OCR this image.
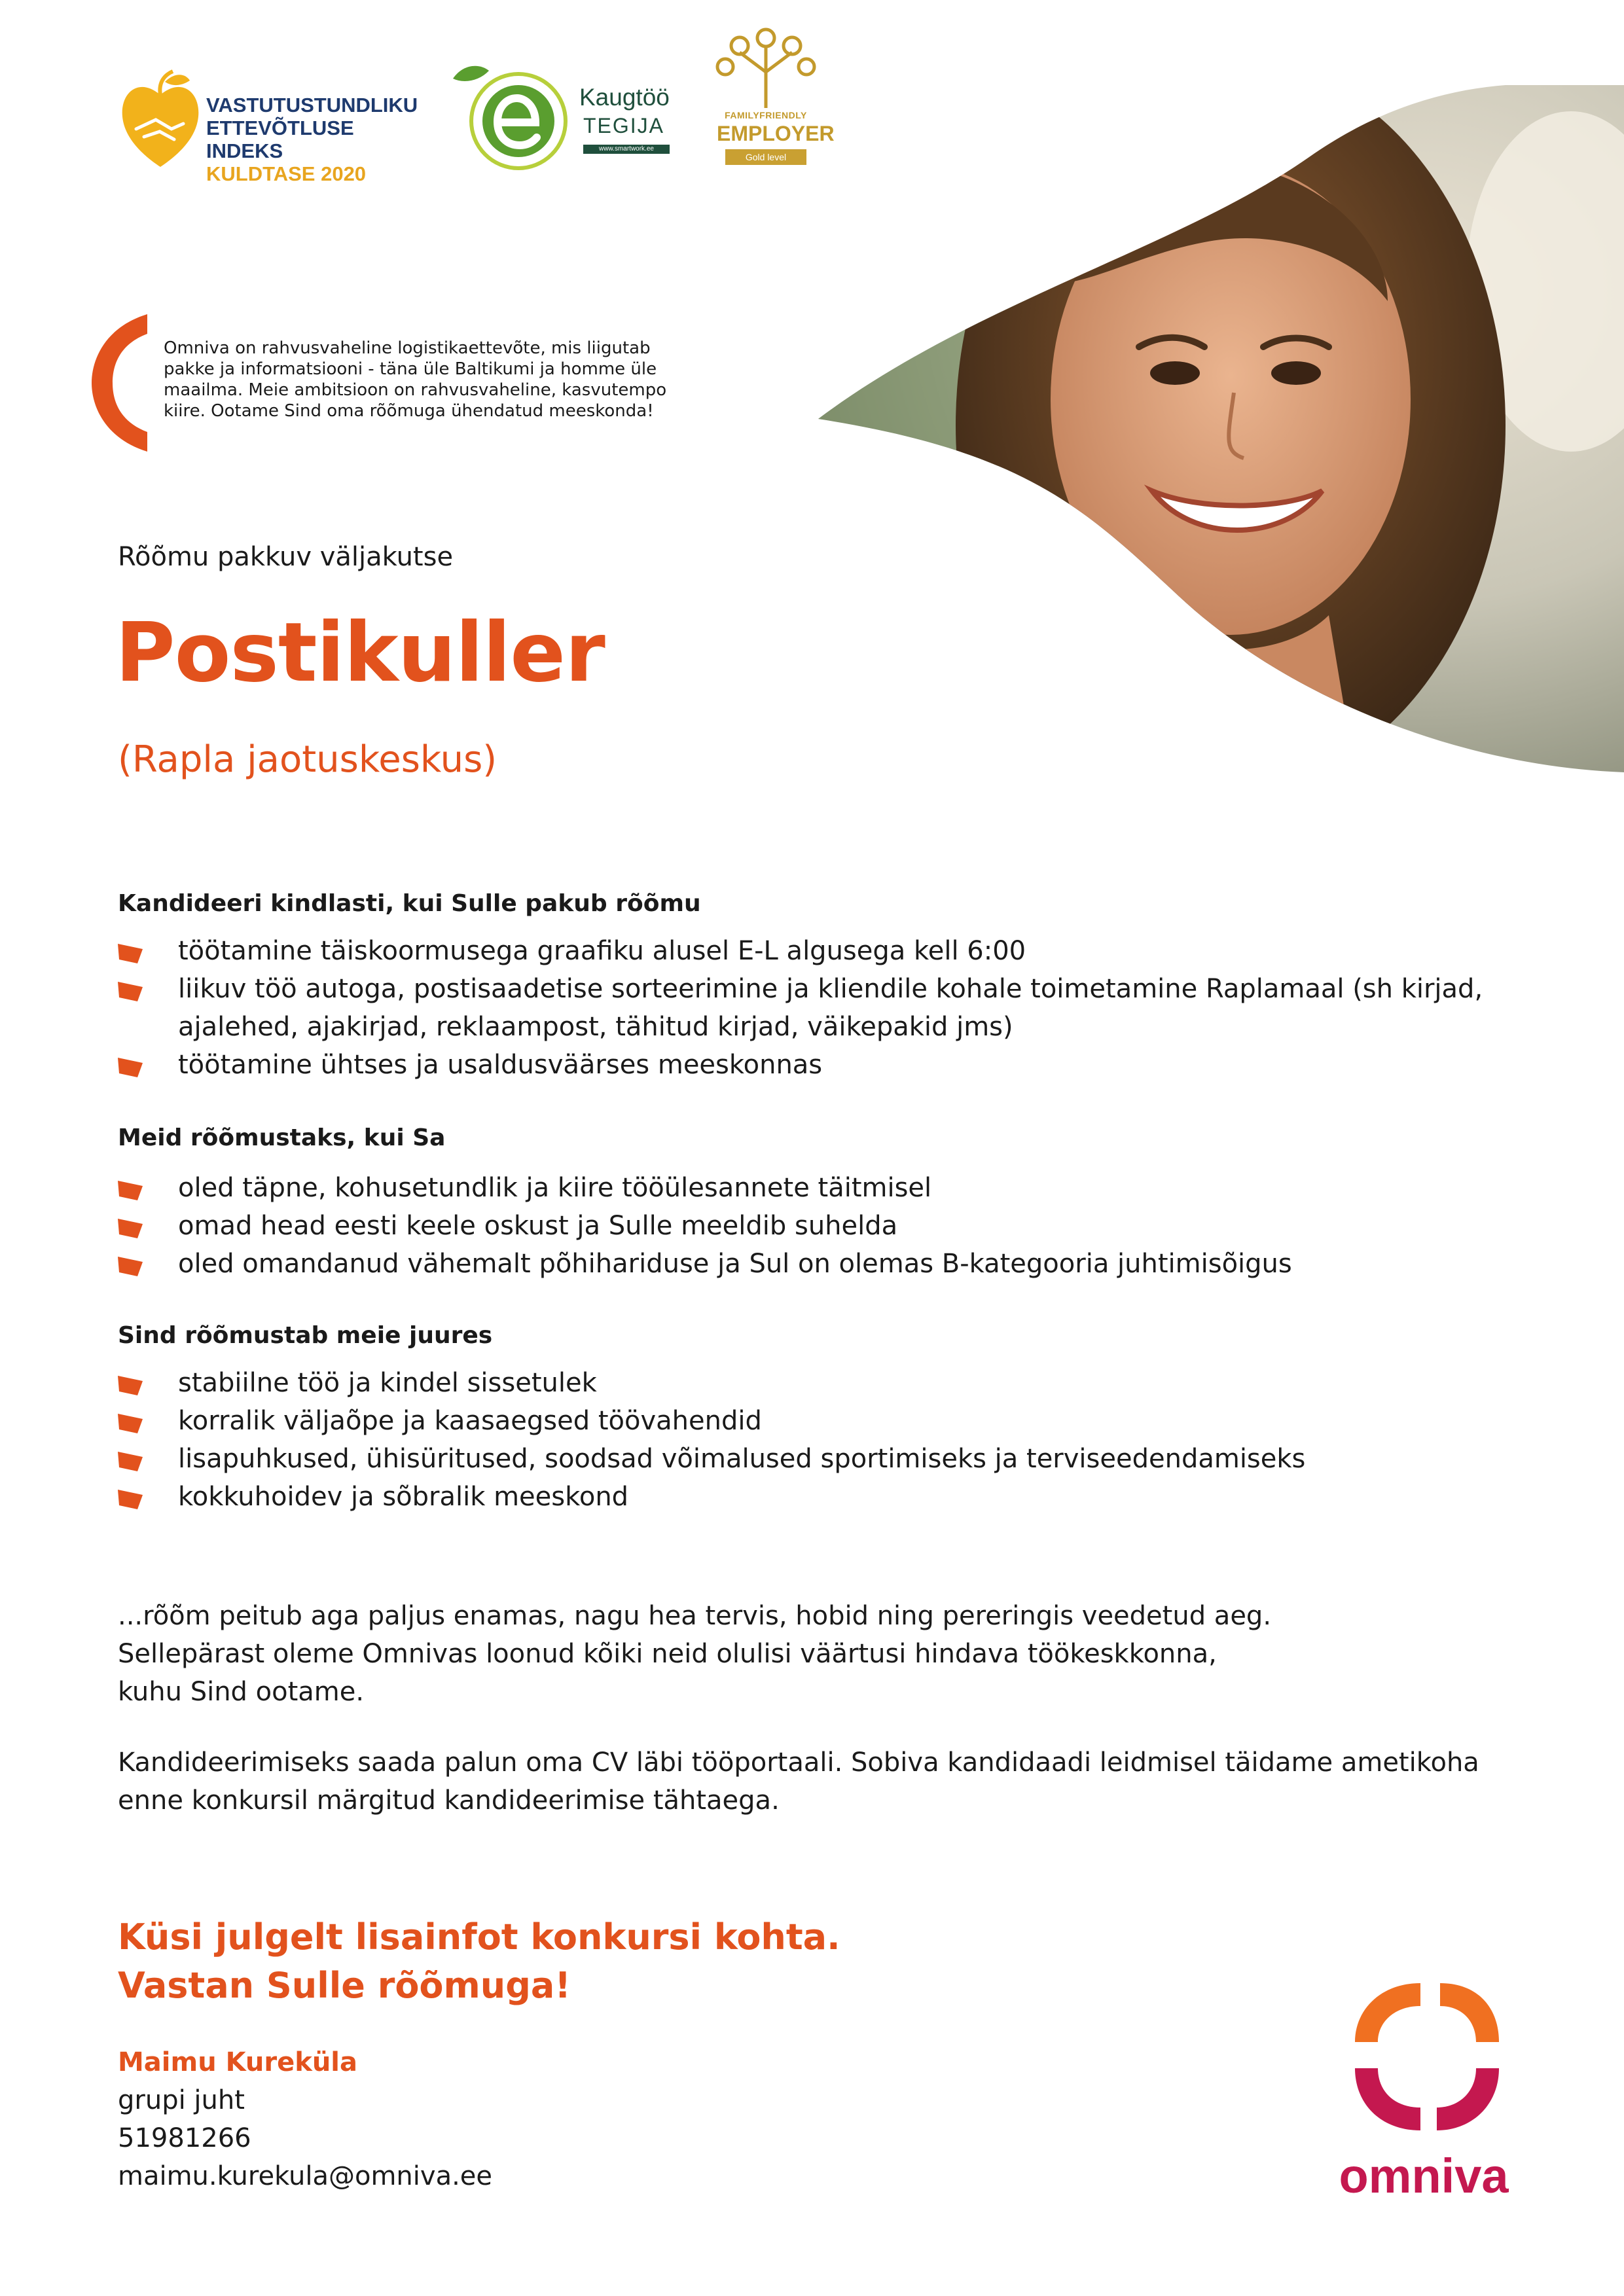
VASTUTUSTUNDLIKU
ETTEVÕTLUSE INDEKS
KULDTASE 2020
Kaugtöö
TEGIJA
www.smartwork.ee
FAMILYFRIENDLY
EMPLOYER
Gold level
Omniva on rahvusvaheline logistikaettevõte, mis liigutab
pakke ja informatsiooni - täna üle Baltikumi ja homme üle
maailma. Meie ambitsioon on rahvusvaheline, kasvutempo
kiire. Ootame Sind oma rõõmuga ühendatud meeskonda!
Rõõmu pakkuv väljakutse
Postikuller
(Rapla jaotuskeskus)
Kandideeri kindlasti, kui Sulle pakub rõõmu
töötamine täiskoormusega graafiku alusel E-L algusega kell 6:00
liikuv töö autoga, postisaadetise sorteerimine ja kliendile kohale toimetamine Raplamaal (sh kirjad,
ajalehed, ajakirjad, reklaampost, tähitud kirjad, väikepakid jms)
töötamine ühtses ja usaldusväärses meeskonnas
Meid rõõmustaks, kui Sa
oled täpne, kohusetundlik ja kiire tööülesannete täitmisel
omad head eesti keele oskust ja Sulle meeldib suhelda
oled omandanud vähemalt põhihariduse ja Sul on olemas B-kategooria juhtimisõigus
Sind rõõmustab meie juures
stabiilne töö ja kindel sissetulek
korralik väljaõpe ja kaasaegsed töövahendid
lisapuhkused, ühisüritused, soodsad võimalused sportimiseks ja terviseedendamiseks
kokkuhoidev ja sõbralik meeskond
...rõõm peitub aga paljus enamas, nagu hea tervis, hobid ning pereringis veedetud aeg.
Sellepärast oleme Omnivas loonud kõiki neid olulisi väärtusi hindava töökeskkonna,
kuhu Sind ootame.
Kandideerimiseks saada palun oma CV läbi tööportaali. Sobiva kandidaadi leidmisel täidame ametikoha
enne konkursil märgitud kandideerimise tähtaega.
Küsi julgelt lisainfot konkursi kohta.
Vastan Sulle rõõmuga!
Maimu Kureküla
grupi juht
51981266
maimu.kurekula@omniva.ee	omniva
